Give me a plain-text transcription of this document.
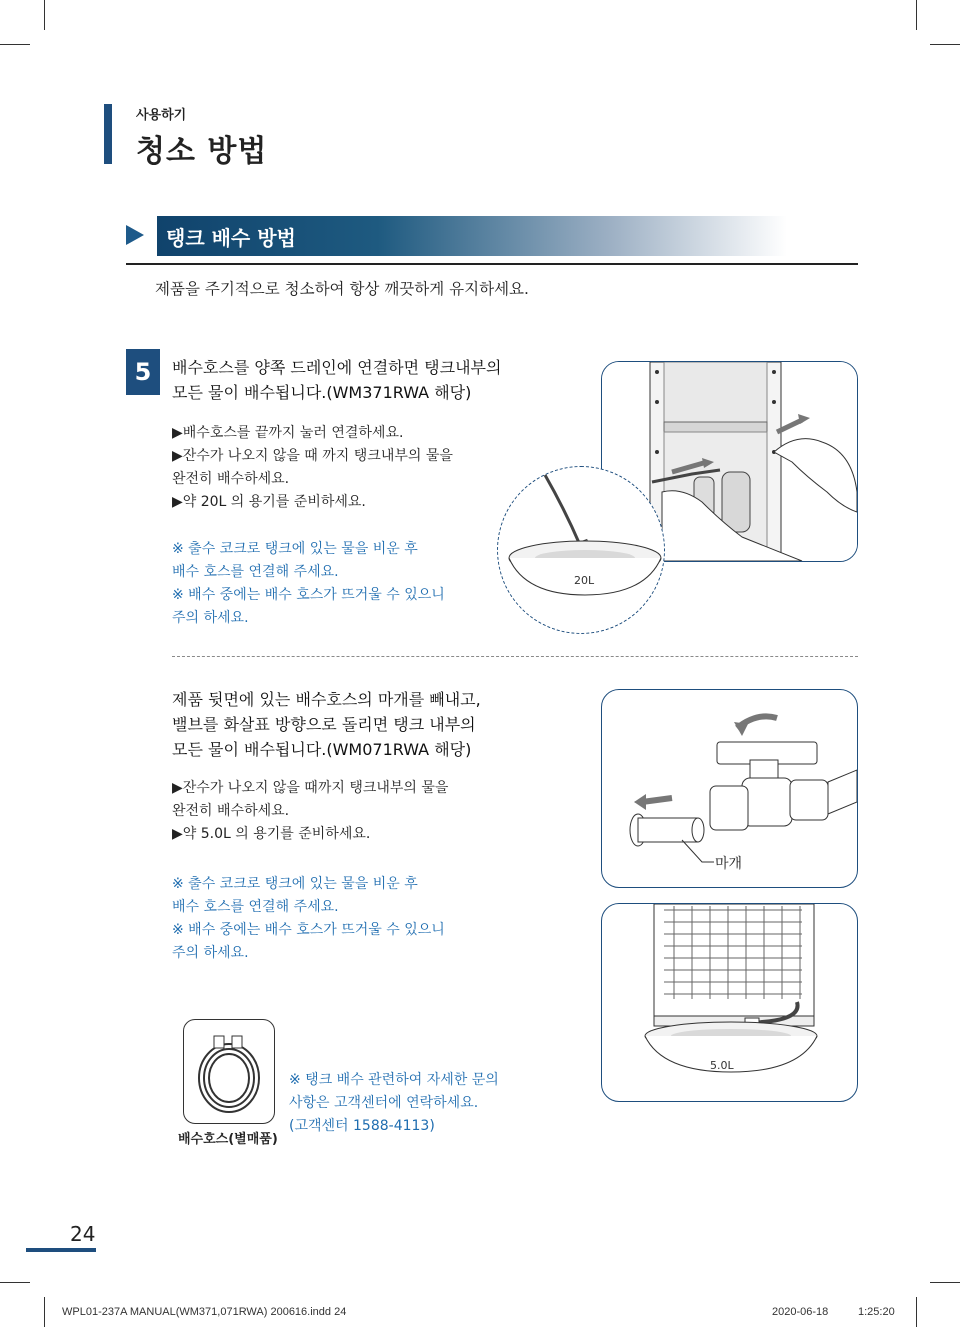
사용하기
청소 방법
탱크 배수 방법
제품을 주기적으로 청소하여 항상 깨끗하게 유지하세요.
5	배수호스를 양쪽 드레인에 연결하면 탱크내부의
모든 물이 배수됩니다.(WM371RWA 해당)
▶배수호스를 끝까지 눌러 연결하세요.
▶잔수가 나오지 않을 때 까지 탱크내부의 물을
완전히 배수하세요.
▶약 20L 의 용기를 준비하세요.
※ 출수 코크로 탱크에 있는 물을 비운 후
배수 호스를 연결해 주세요.
※ 배수 중에는 배수 호스가 뜨거울 수 있으니
주의 하세요.
20L
제품 뒷면에 있는 배수호스의 마개를 빼내고,
밸브를 화살표 방향으로 돌리면 탱크 내부의
모든 물이 배수됩니다.(WM071RWA 해당)
▶잔수가 나오지 않을 때까지 탱크내부의 물을
완전히 배수하세요.
▶약 5.0L 의 용기를 준비하세요.
※ 출수 코크로 탱크에 있는 물을 비운 후
배수 호스를 연결해 주세요.
※ 배수 중에는 배수 호스가 뜨거울 수 있으니
주의 하세요.
마개
5.0L
배수호스(별매품)
※ 탱크 배수 관련하여 자세한 문의
사항은 고객센터에 연락하세요.
(고객센터 1588-4113)
24
WPL01-237A MANUAL(WM371,071RWA) 200616.indd 24	2020-06-18	1:25:20
